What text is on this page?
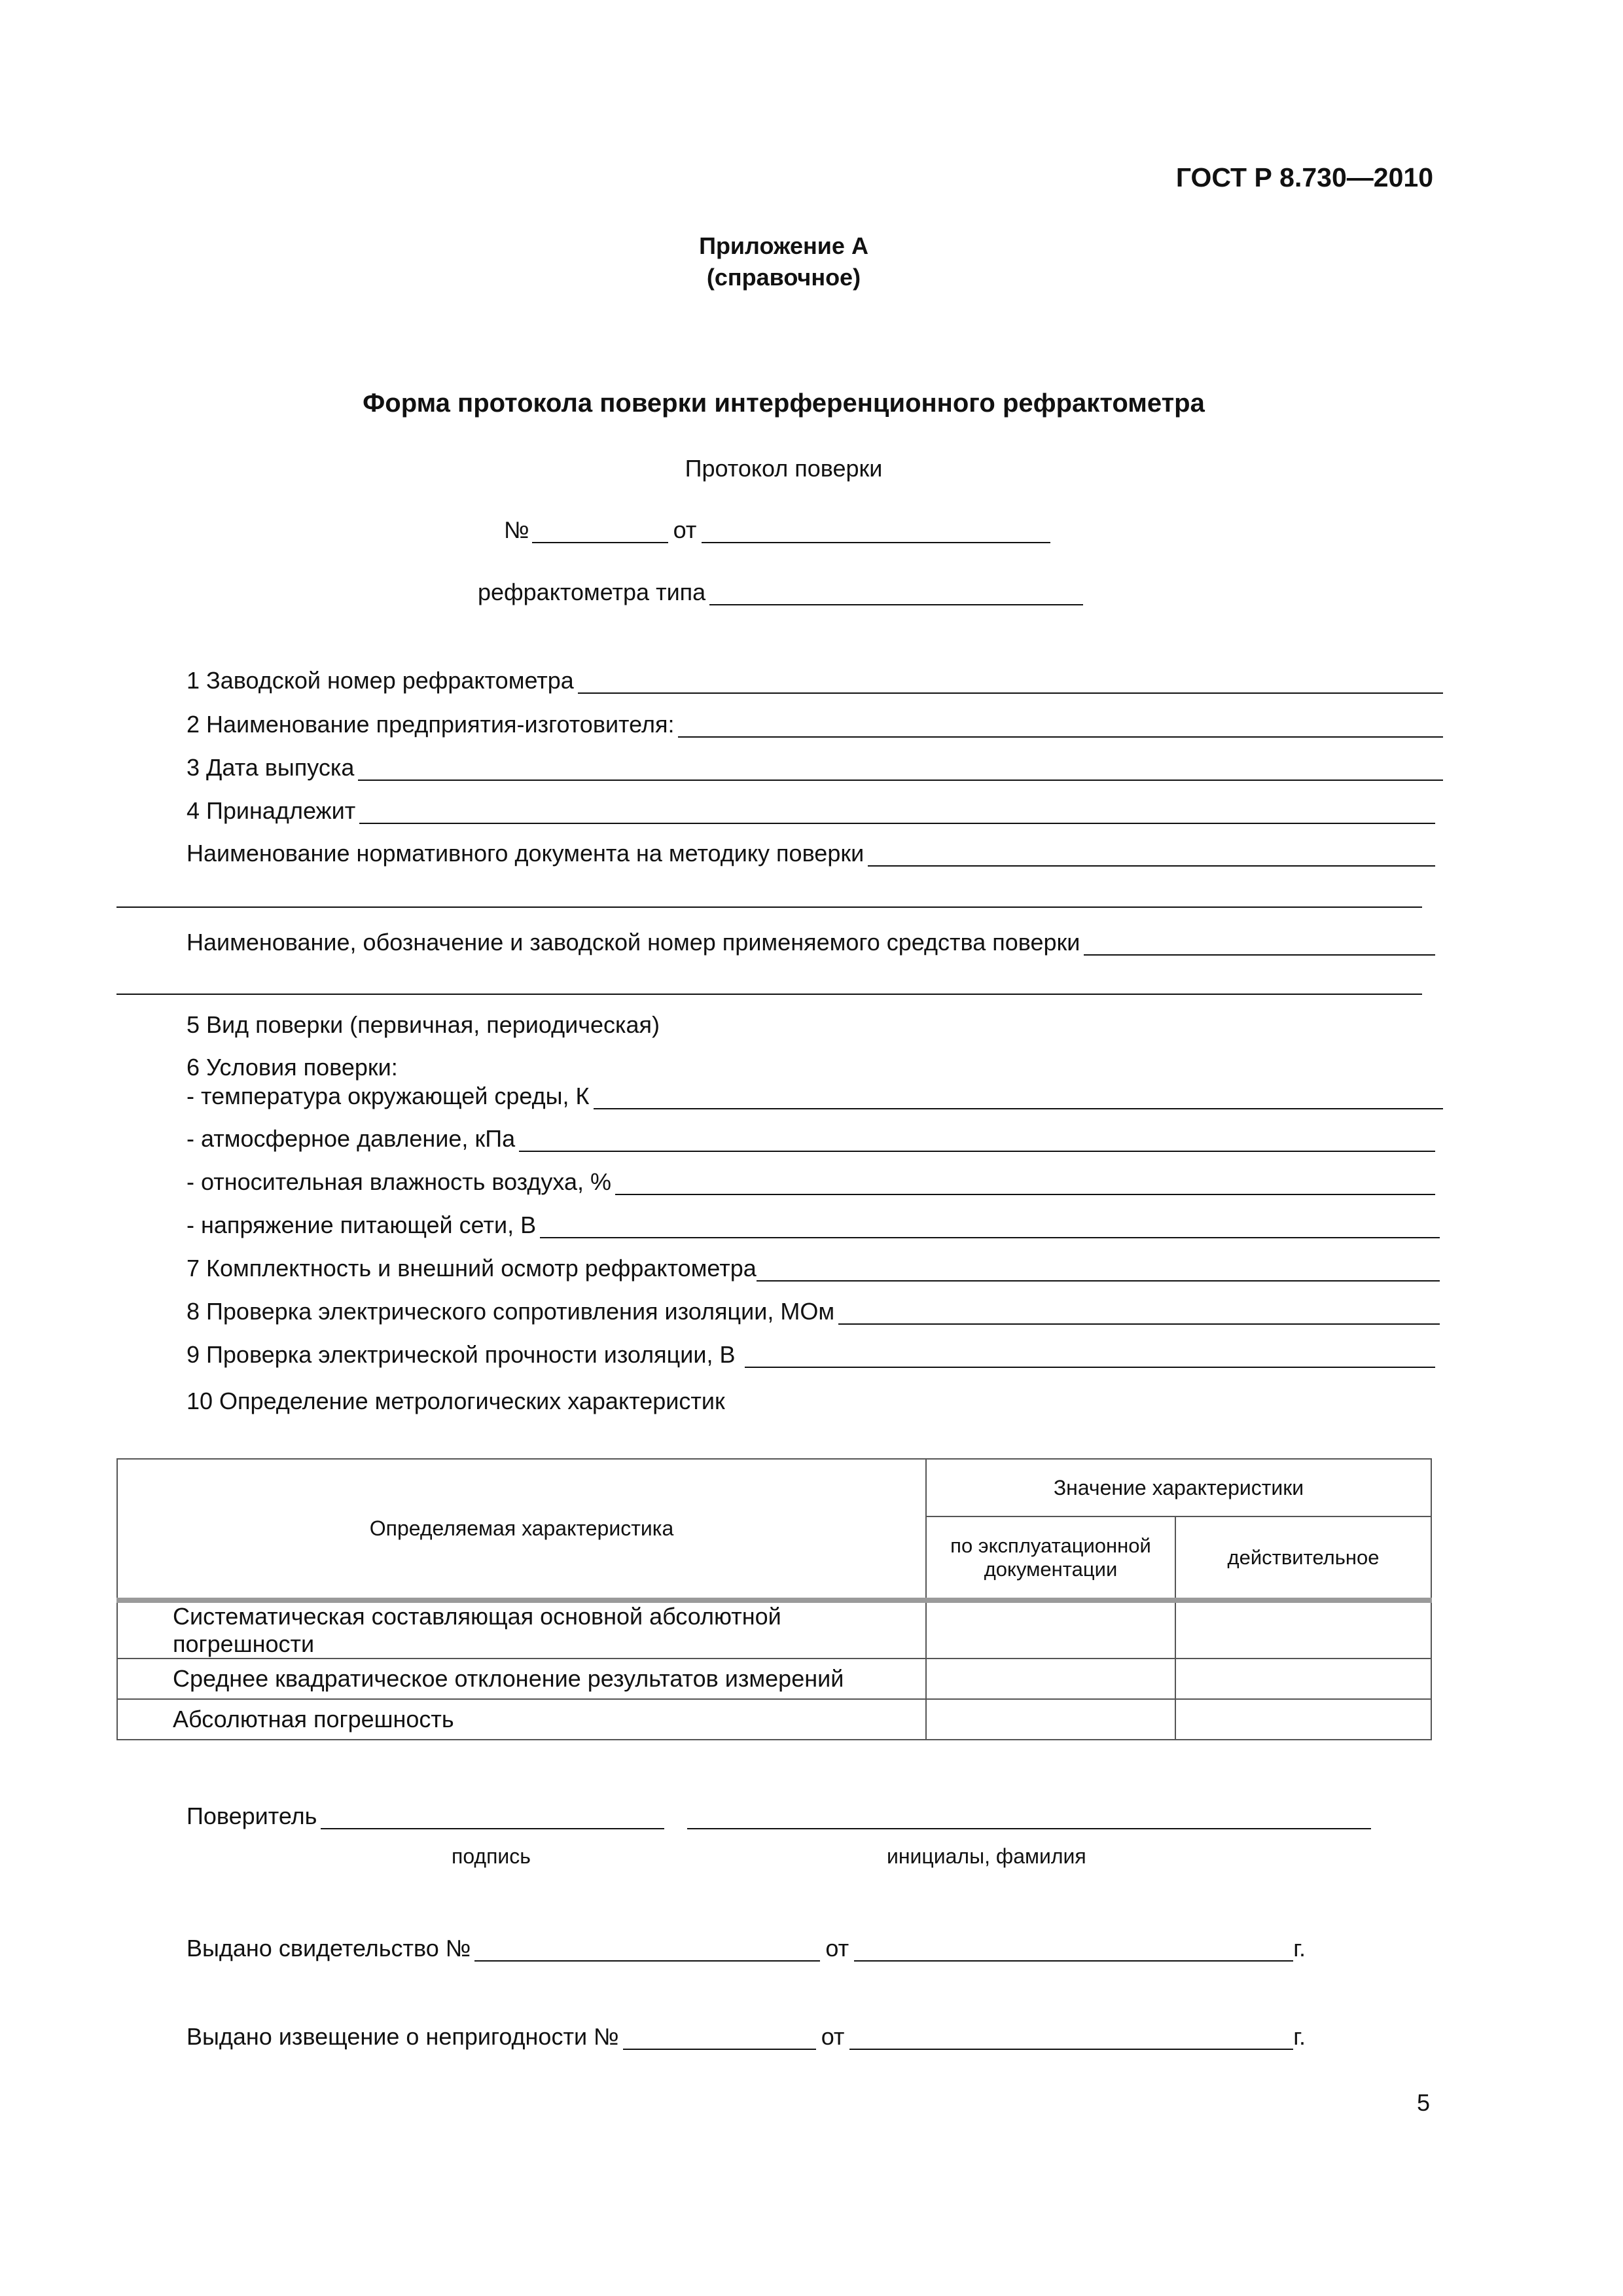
ГОСТ Р 8.730—2010
Приложение А
(справочное)
Форма протокола поверки интерференционного рефрактометра
Протокол поверки
№	от
рефрактометра типа
1 Заводской номер рефрактометра
2 Наименование предприятия-изготовителя:
3 Дата выпуска
4 Принадлежит
Наименование нормативного документа на методику поверки
Наименование, обозначение и заводской номер применяемого средства поверки
5 Вид поверки (первичная, периодическая)
6 Условия поверки:
- температура окружающей среды, К
- атмосферное давление, кПа
- относительная влажность воздуха, %
- напряжение питающей сети, В
7 Комплектность и внешний осмотр рефрактометра
8 Проверка электрического сопротивления изоляции, МОм
9 Проверка электрической прочности изоляции, В
10 Определение метрологических характеристик
Определяемая характеристика	Значение характеристики	
	по эксплуатационной документации	действительное
Систематическая составляющая основной абсолютной погрешности		
Среднее квадратическое отклонение результатов измерений		
Абсолютная погрешность		
Поверитель
подпись	инициалы, фамилия
Выдано свидетельство №	от	г.
Выдано извещение о непригодности №	от	г.
5
